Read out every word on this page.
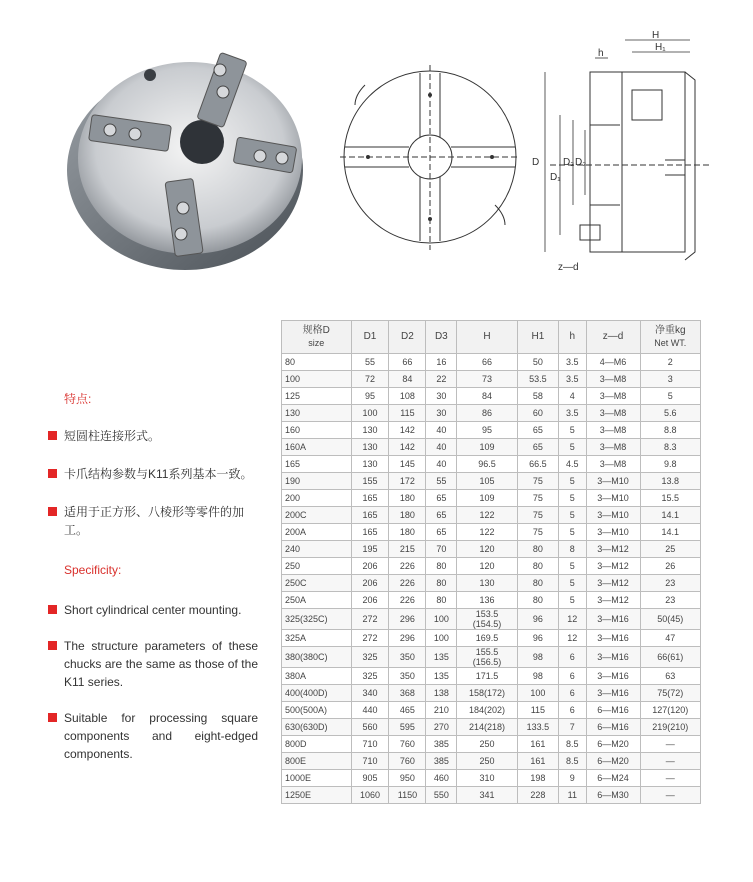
H
H₁
h
D
D₁
D₂ D₃
z—d

特点:

短圆柱连接形式。
卡爪结构参数与K11系列基本一致。
适用于正方形、八棱形等零件的加工。

Specificity:

Short cylindrical center mounting.
The structure parameters of these chucks are the same as those of the K11 series.
Suitable for processing square components and eight-edged components.
规格D
size	D1	D2	D3	H	H1	h	z—d	净重kg
Net WT.

80	55	66	16	66	50	3.5	4—M6	2
100	72	84	22	73	53.5	3.5	3—M8	3
125	95	108	30	84	58	4	3—M8	5
130	100	115	30	86	60	3.5	3—M8	5.6
160	130	142	40	95	65	5	3—M8	8.8
160A	130	142	40	109	65	5	3—M8	8.3
165	130	145	40	96.5	66.5	4.5	3—M8	9.8
190	155	172	55	105	75	5	3—M10	13.8
200	165	180	65	109	75	5	3—M10	15.5
200C	165	180	65	122	75	5	3—M10	14.1
200A	165	180	65	122	75	5	3—M10	14.1
240	195	215	70	120	80	8	3—M12	25
250	206	226	80	120	80	5	3—M12	26
250C	206	226	80	130	80	5	3—M12	23
250A	206	226	80	136	80	5	3—M12	23
325(325C)	272	296	100	153.5
(154.5)	96	12	3—M16	50(45)
325A	272	296	100	169.5	96	12	3—M16	47
380(380C)	325	350	135	155.5
(156.5)	98	6	3—M16	66(61)
380A	325	350	135	171.5	98	6	3—M16	63
400(400D)	340	368	138	158(172)	100	6	3—M16	75(72)
500(500A)	440	465	210	184(202)	115	6	6—M16	127(120)
630(630D)	560	595	270	214(218)	133.5	7	6—M16	219(210)
800D	710	760	385	250	161	8.5	6—M20	—
800E	710	760	385	250	161	8.5	6—M20	—
1000E	905	950	460	310	198	9	6—M24	—
1250E	1060	1150	550	341	228	11	6—M30	—
